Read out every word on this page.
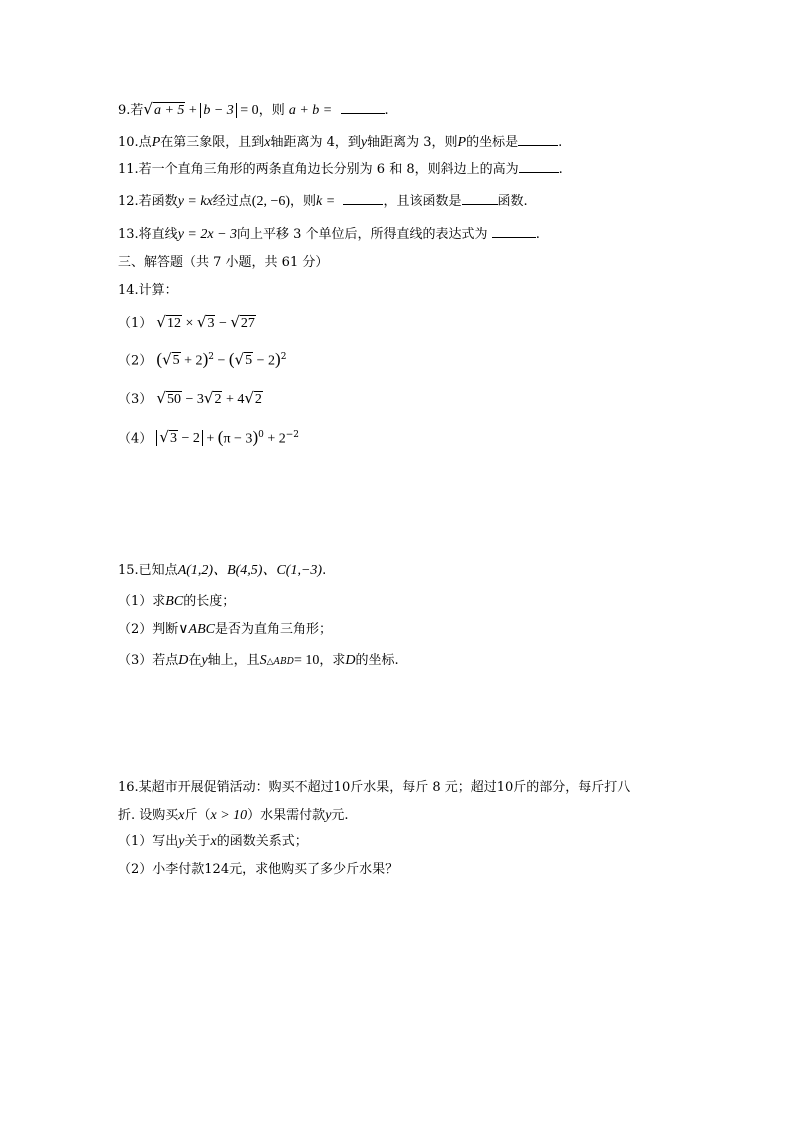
9.若√a + 5 + b − 3 = 0，则 a + b =	.
10.点P在第三象限，且到x轴距离为 4，到y轴距离为 3，则P的坐标是	.
11.若一个直角三角形的两条直角边长分别为 6 和 8，则斜边上的高为	.
12.若函数y = kx经过点(2, −6)，则k =	，且该函数是	函数.
13.将直线y = 2x − 3向上平移 3 个单位后，所得直线的表达式为	.
三、解答题（共 7 小题，共 61 分）
14.计算：
（1） √12 × √3 − √27
（2） $(√5 + 2)^2 - (√5 - 2)^2$
（3） √50 − 3√2 + 4√2
（4） $√3 - 2 + (\pi - 3)^0 + 2^{-2}$
15.已知点A(1,2)、B(4,5)、C(1,−3).
（1）求BC的长度；
（2）判断∨ABC是否为直角三角形；
（3）若点D在y轴上，且S△ABD= 10，求D的坐标.
16.某超市开展促销活动：购买不超过10斤水果，每斤 8 元；超过10斤的部分，每斤打八
折. 设购买x斤（x > 10）水果需付款y元.
（1）写出y关于x的函数关系式；
（2）小李付款124元，求他购买了多少斤水果？
